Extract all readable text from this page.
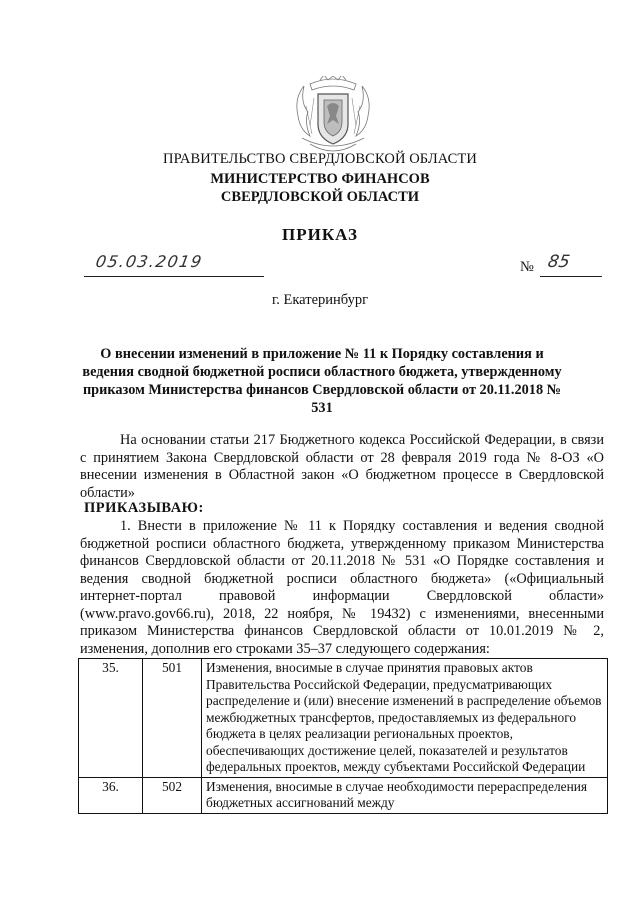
ПРАВИТЕЛЬСТВО СВЕРДЛОВСКОЙ ОБЛАСТИ
МИНИСТЕРСТВО ФИНАНСОВ
СВЕРДЛОВСКОЙ ОБЛАСТИ
ПРИКАЗ
05.03.2019	№ 85
г. Екатеринбург
О внесении изменений в приложение № 11 к Порядку составления и ведения сводной бюджетной росписи областного бюджета, утвержденному приказом Министерства финансов Свердловской области от 20.11.2018 № 531
На основании статьи 217 Бюджетного кодекса Российской Федерации, в связи с принятием Закона Свердловской области от 28 февраля 2019 года № 8-ОЗ «О внесении изменения в Областной закон «О бюджетном процессе в Свердловской области»
ПРИКАЗЫВАЮ:
1. Внести в приложение № 11 к Порядку составления и ведения сводной бюджетной росписи областного бюджета, утвержденному приказом Министерства финансов Свердловской области от 20.11.2018 № 531 «О Порядке составления и ведения сводной бюджетной росписи областного бюджета» («Официальный интернет-портал правовой информации Свердловской области» (www.pravo.gov66.ru), 2018, 22 ноября, № 19432) с изменениями, внесенными приказом Министерства финансов Свердловской области от 10.01.2019 № 2, изменения, дополнив его строками 35–37 следующего содержания:
35.	501	Изменения, вносимые в случае принятия правовых актов Правительства Российской Федерации, предусматривающих распределение и (или) внесение изменений в распределение объемов межбюджетных трансфертов, предоставляемых из федерального бюджета в целях реализации региональных проектов, обеспечивающих достижение целей, показателей и результатов федеральных проектов, между субъектами Российской Федерации
36.	502	Изменения, вносимые в случае необходимости перераспределения бюджетных ассигнований между
